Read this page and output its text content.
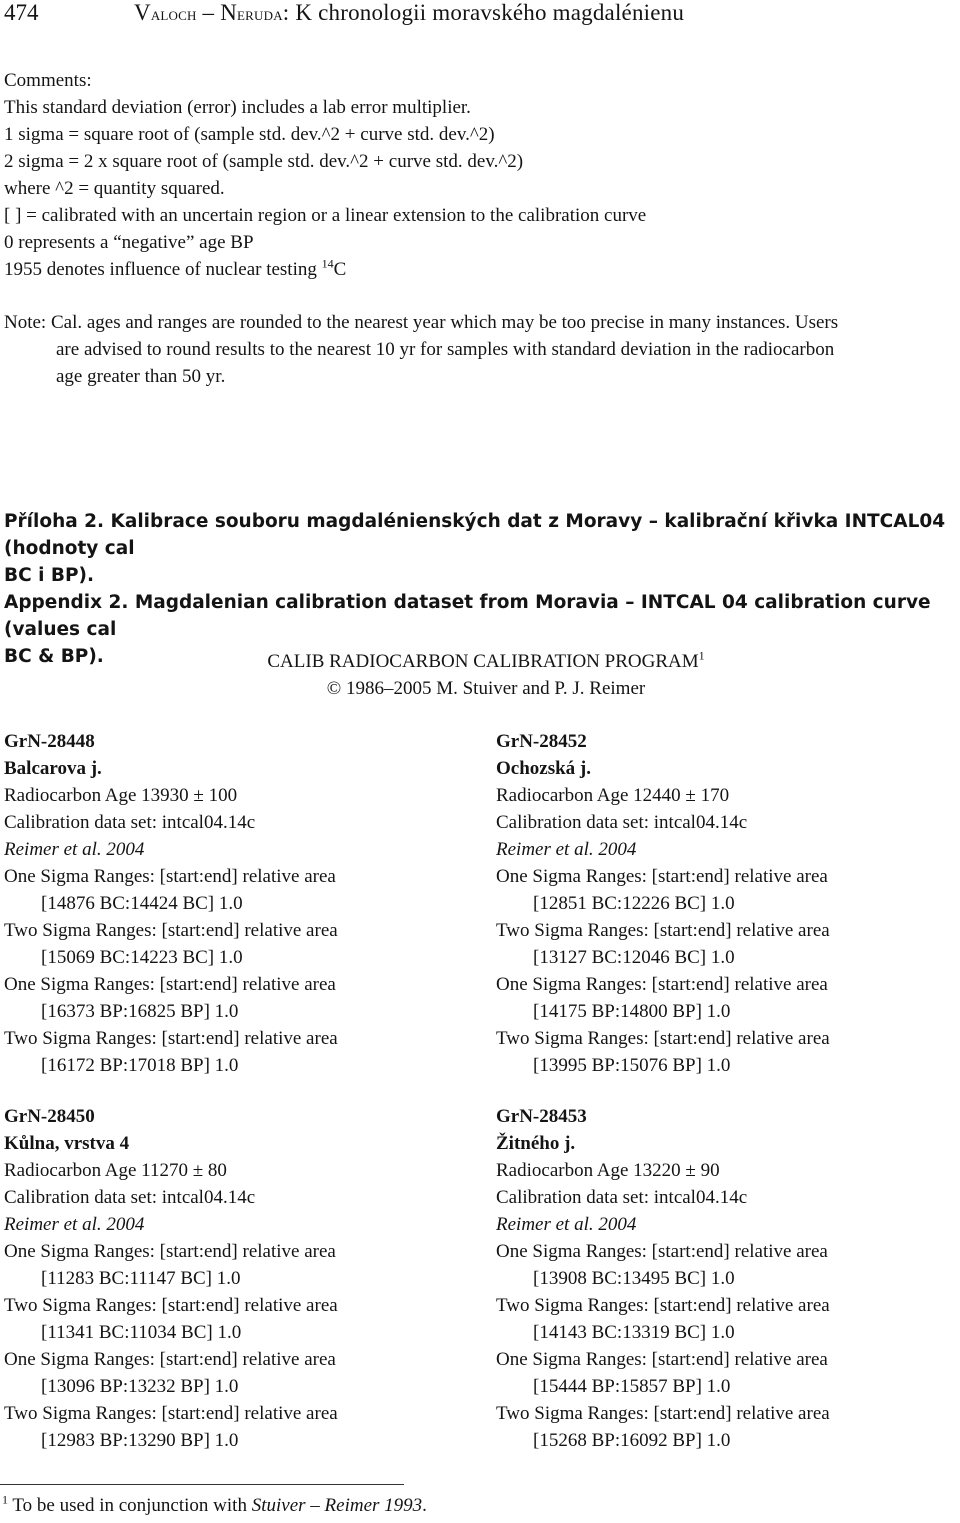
474	Valoch – Neruda: K chronologii moravského magdalénienu
Comments:
This standard deviation (error) includes a lab error multiplier.
1 sigma = square root of (sample std. dev.^2 + curve std. dev.^2)
2 sigma = 2 x square root of (sample std. dev.^2 + curve std. dev.^2)
where ^2 = quantity squared.
[ ] = calibrated with an uncertain region or a linear extension to the calibration curve
0 represents a “negative” age BP
1955 denotes influence of nuclear testing $^{14}$C
Note: Cal. ages and ranges are rounded to the nearest year which may be too precise in many instances. Users
are advised to round results to the nearest 10 yr for samples with standard deviation in the radiocarbon
age greater than 50 yr.

Příloha 2. Kalibrace souboru magdalénienských dat z Moravy – kalibrační křivka INTCAL04 (hodnoty cal

BC i BP).

Appendix 2. Magdalenian calibration dataset from Moravia – INTCAL 04 calibration curve (values cal

BC & BP).	CALIB RADIOCARBON CALIBRATION PROGRAM$^1$
© 1986–2005 M. Stuiver and P. J. Reimer
GrN-28448
Balcarova j.
Radiocarbon Age 13930 ± 100
Calibration data set: intcal04.14c
Reimer et al. 2004
One Sigma Ranges: [start:end] relative area
[14876 BC:14424 BC] 1.0
Two Sigma Ranges: [start:end] relative area
[15069 BC:14223 BC] 1.0
One Sigma Ranges: [start:end] relative area
[16373 BP:16825 BP] 1.0
Two Sigma Ranges: [start:end] relative area
[16172 BP:17018 BP] 1.0
GrN-28452
Ochozská j.
Radiocarbon Age 12440 ± 170
Calibration data set: intcal04.14c
Reimer et al. 2004
One Sigma Ranges: [start:end] relative area
[12851 BC:12226 BC] 1.0
Two Sigma Ranges: [start:end] relative area
[13127 BC:12046 BC] 1.0
One Sigma Ranges: [start:end] relative area
[14175 BP:14800 BP] 1.0
Two Sigma Ranges: [start:end] relative area
[13995 BP:15076 BP] 1.0
GrN-28450
Kůlna, vrstva 4
Radiocarbon Age 11270 ± 80
Calibration data set: intcal04.14c
Reimer et al. 2004
One Sigma Ranges: [start:end] relative area
[11283 BC:11147 BC] 1.0
Two Sigma Ranges: [start:end] relative area
[11341 BC:11034 BC] 1.0
One Sigma Ranges: [start:end] relative area
[13096 BP:13232 BP] 1.0
Two Sigma Ranges: [start:end] relative area
[12983 BP:13290 BP] 1.0
GrN-28453
Žitného j.
Radiocarbon Age 13220 ± 90
Calibration data set: intcal04.14c
Reimer et al. 2004
One Sigma Ranges: [start:end] relative area
[13908 BC:13495 BC] 1.0
Two Sigma Ranges: [start:end] relative area
[14143 BC:13319 BC] 1.0
One Sigma Ranges: [start:end] relative area
[15444 BP:15857 BP] 1.0
Two Sigma Ranges: [start:end] relative area
[15268 BP:16092 BP] 1.0
$^1$ To be used in conjunction with Stuiver – Reimer 1993.
